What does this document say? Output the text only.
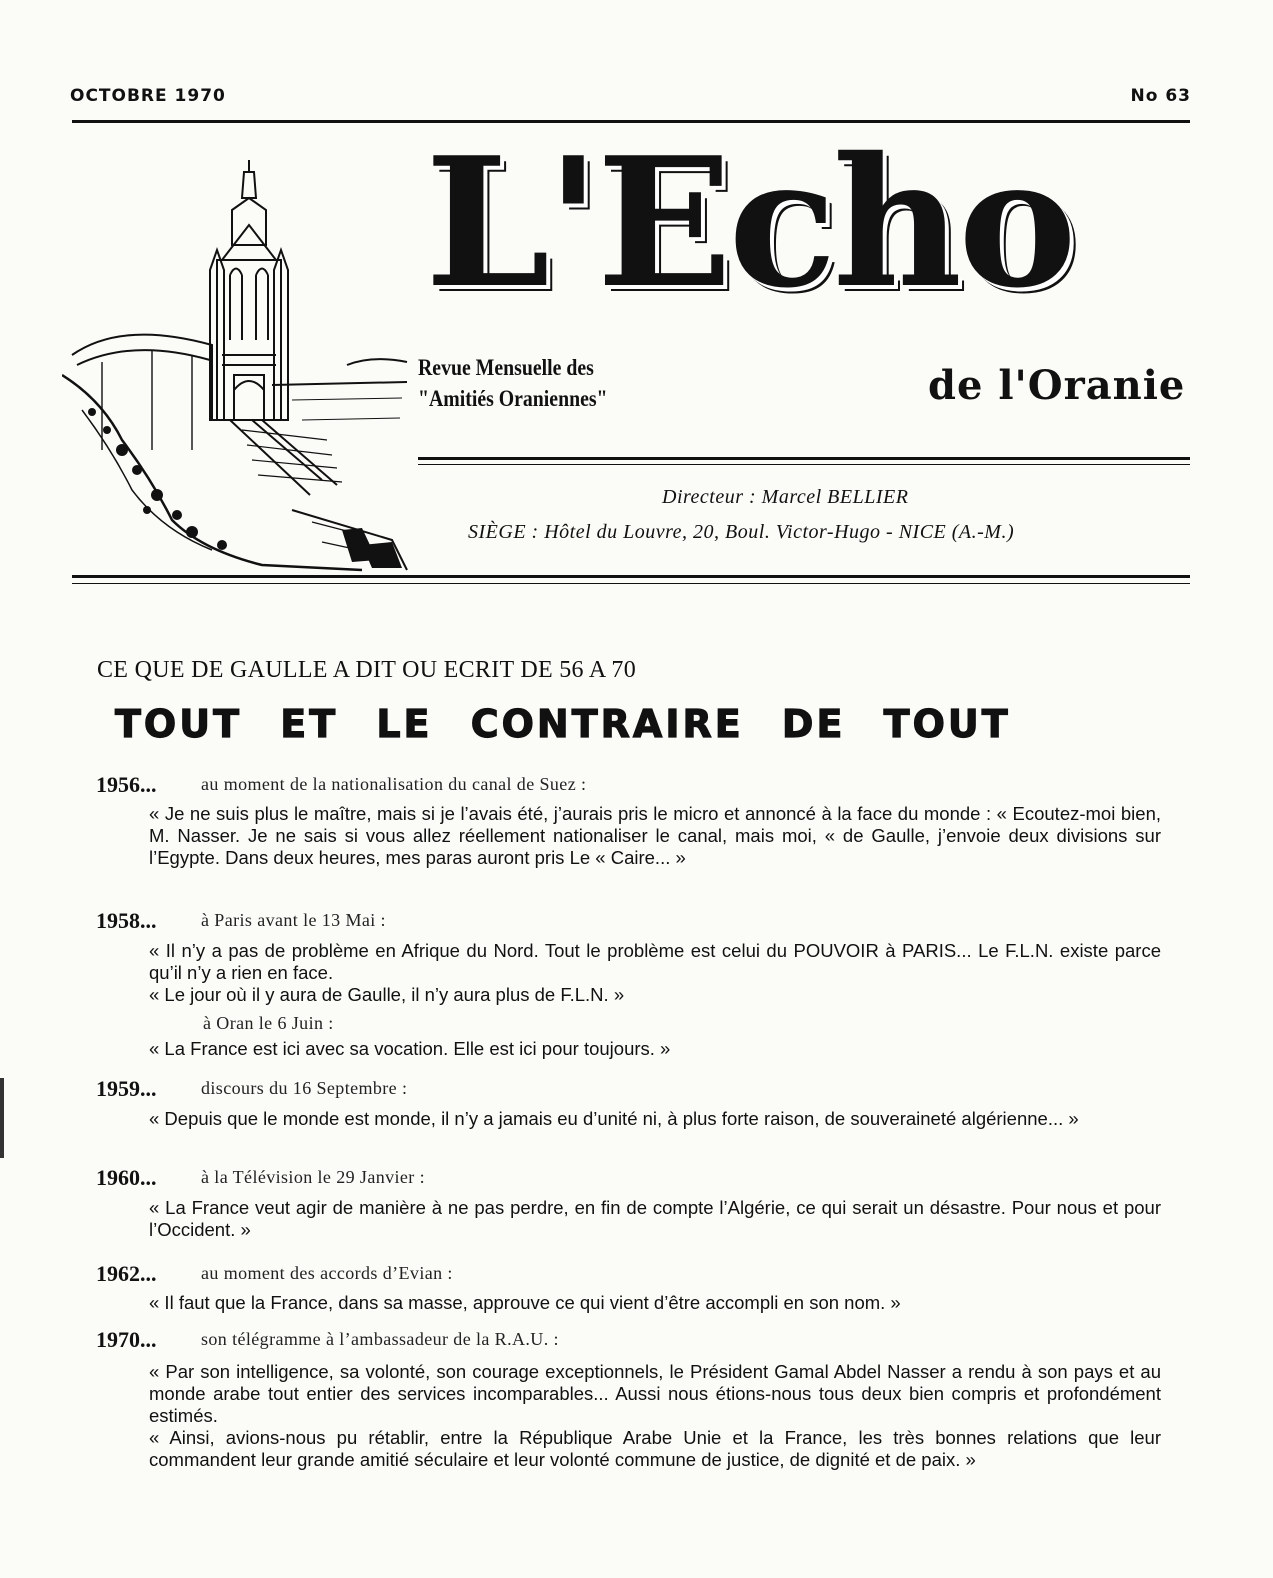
OCTOBRE 1970	No 63
L'Echo
Revue Mensuelle des
"Amitiés Oraniennes"	de l'Oranie
Directeur : Marcel BELLIER
SIÈGE : Hôtel du Louvre, 20, Boul. Victor-Hugo - NICE (A.-M.)
CE QUE DE GAULLE A DIT OU ECRIT DE 56 A 70
TOUT ET LE CONTRAIRE DE TOUT
1956... au moment de la nationalisation du canal de Suez :

« Je ne suis plus le maître, mais si je l’avais été, j’aurais pris le micro et annoncé à la face du monde : « Ecoutez-moi bien, M. Nasser. Je ne sais si vous allez réellement nationaliser le canal, mais moi, « de Gaulle, j’envoie deux divisions sur l’Egypte. Dans deux heures, mes paras auront pris Le « Caire... »

1958... à Paris avant le 13 Mai :

« Il n’y a pas de problème en Afrique du Nord. Tout le problème est celui du POUVOIR à PARIS... Le F.L.N. existe parce qu’il n’y a rien en face.

« Le jour où il y aura de Gaulle, il n’y aura plus de F.L.N. »

à Oran le 6 Juin :

« La France est ici avec sa vocation. Elle est ici pour toujours. »

1959... discours du 16 Septembre :

« Depuis que le monde est monde, il n’y a jamais eu d’unité ni, à plus forte raison, de souveraineté algérienne... »

1960... à la Télévision le 29 Janvier :

« La France veut agir de manière à ne pas perdre, en fin de compte l’Algérie, ce qui serait un désastre. Pour nous et pour l’Occident. »

1962... au moment des accords d’Evian :

« Il faut que la France, dans sa masse, approuve ce qui vient d’être accompli en son nom. »

1970... son télégramme à l’ambassadeur de la R.A.U. :

« Par son intelligence, sa volonté, son courage exceptionnels, le Président Gamal Abdel Nasser a rendu à son pays et au monde arabe tout entier des services incomparables... Aussi nous étions-nous tous deux bien compris et profondément estimés.

« Ainsi, avions-nous pu rétablir, entre la République Arabe Unie et la France, les très bonnes relations que leur commandent leur grande amitié séculaire et leur volonté commune de justice, de dignité et de paix. »
